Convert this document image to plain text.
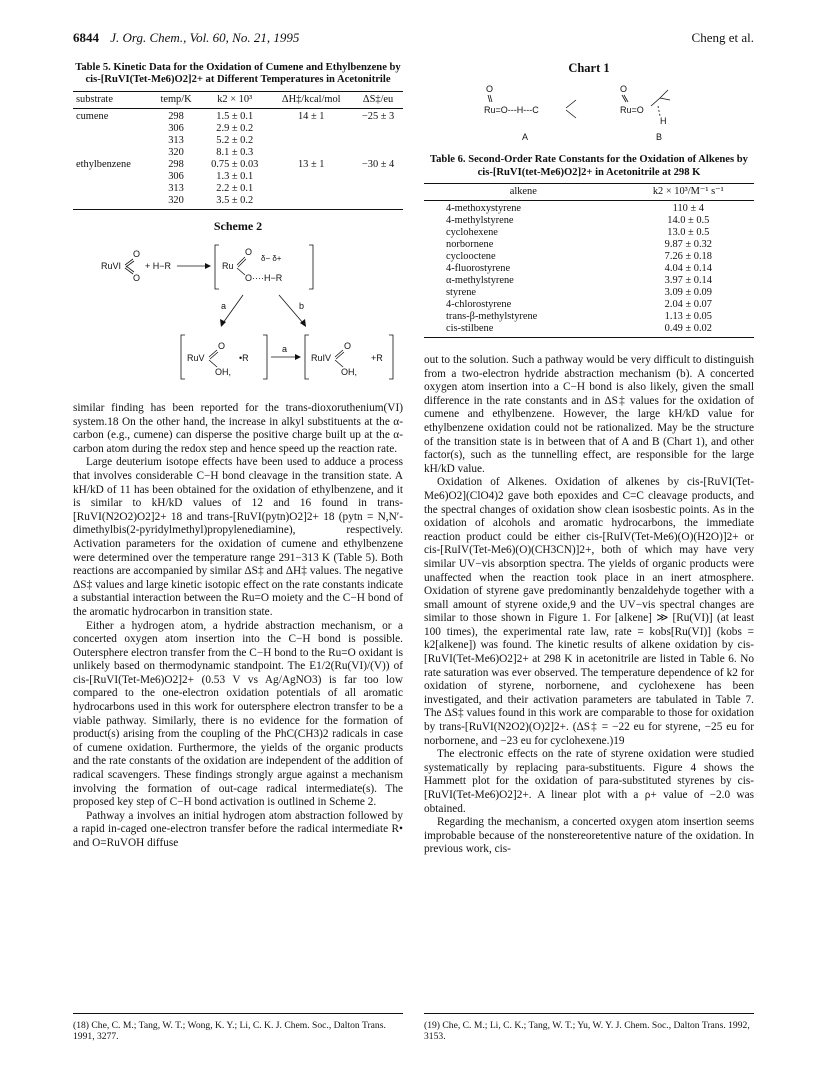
6844 J. Org. Chem., Vol. 60, No. 21, 1995	Cheng et al.
Table 5. Kinetic Data for the Oxidation of Cumene and Ethylbenzene by cis-[RuVI(Tet-Me6)O2]2+ at Different Temperatures in Acetonitrile
substrate	temp/K	k2 × 10³	ΔH‡/kcal/mol	ΔS‡/eu
cumene	298	1.5 ± 0.1	14 ± 1	−25 ± 3
	306	2.9 ± 0.2		
	313	5.2 ± 0.2		
	320	8.1 ± 0.3		
ethylbenzene	298	0.75 ± 0.03	13 ± 1	−30 ± 4
	306	1.3 ± 0.1		
	313	2.2 ± 0.1		
	320	3.5 ± 0.2		
Scheme 2
RuVI
O
O
+ H−R	Ru
O
δ− δ+
O····H−R
a	b
RuV
O
OH,
•R
a
RuIV
O
OH,
+R

similar finding has been reported for the trans-dioxoruthenium(VI) system.18 On the other hand, the increase in alkyl substituents at the α-carbon (e.g., cumene) can disperse the positive charge built up at the α-carbon atom during the redox step and hence speed up the reaction rate.

Large deuterium isotope effects have been used to adduce a process that involves considerable C−H bond cleavage in the transition state. A kH/kD of 11 has been obtained for the oxidation of ethylbenzene, and it is similar to kH/kD values of 12 and 16 found in trans-[RuVI(N2O2)O2]2+ 18 and trans-[RuVI(pytn)O2]2+ 18 (pytn = N,N′-dimethylbis(2-pyridylmethyl)propylenediamine), respectively. Activation parameters for the oxidation of cumene and ethylbenzene were determined over the temperature range 291−313 K (Table 5). Both reactions are accompanied by similar ΔS‡ and ΔH‡ values. The negative ΔS‡ values and large kinetic isotopic effect on the rate constants indicate a substantial interaction between the Ru=O moiety and the C−H bond of the aromatic hydrocarbon in transition state.

Either a hydrogen atom, a hydride abstraction mechanism, or a concerted oxygen atom insertion into the C−H bond is possible. Outersphere electron transfer from the C−H bond to the Ru=O oxidant is unlikely based on thermodynamic standpoint. The E1/2(Ru(VI)/(V)) of cis-[RuVI(Tet-Me6)O2]2+ (0.53 V vs Ag/AgNO3) is far too low compared to the one-electron oxidation potentials of all aromatic hydrocarbons used in this work for outersphere electron transfer to be a viable pathway. Similarly, there is no evidence for the formation of product(s) arising from the coupling of the PhC(CH3)2 radicals in case of cumene oxidation. Furthermore, the yields of the organic products and the rate constants of the oxidation are independent of the addition of radical scavengers. These findings strongly argue against a mechanism involving the formation of out-cage radical intermediate(s). The proposed key step of C−H bond activation is outlined in Scheme 2.

Pathway a involves an initial hydrogen atom abstraction followed by a rapid in-caged one-electron transfer before the radical intermediate R• and O=RuVOH diffuse

Chart 1
O
Ru=O---H---C
A
O
Ru=O
H
B
Table 6. Second-Order Rate Constants for the Oxidation of Alkenes by cis-[RuVI(tet-Me6)O2]2+ in Acetonitrile at 298 K
alkene	k2 × 10³/M⁻¹ s⁻¹
4-methoxystyrene	110 ± 4
4-methylstyrene	14.0 ± 0.5
cyclohexene	13.0 ± 0.5
norbornene	9.87 ± 0.32
cyclooctene	7.26 ± 0.18
4-fluorostyrene	4.04 ± 0.14
α-methylstyrene	3.97 ± 0.14
styrene	3.09 ± 0.09
4-chlorostyrene	2.04 ± 0.07
trans-β-methylstyrene	1.13 ± 0.05
cis-stilbene	0.49 ± 0.02

out to the solution. Such a pathway would be very difficult to distinguish from a two-electron hydride abstraction mechanism (b). A concerted oxygen atom insertion into a C−H bond is also likely, given the small difference in the rate constants and in ΔS‡ values for the oxidation of cumene and ethylbenzene. However, the large kH/kD value for ethylbenzene oxidation could not be rationalized. May be the structure of the transition state is in between that of A and B (Chart 1), and other factor(s), such as the tunnelling effect, are responsible for the large kH/kD value.

Oxidation of Alkenes. Oxidation of alkenes by cis-[RuVI(Tet-Me6)O2](ClO4)2 gave both epoxides and C=C cleavage products, and the spectral changes of oxidation show clean isosbestic points. As in the oxidation of alcohols and aromatic hydrocarbons, the immediate reaction product could be either cis-[RuIV(Tet-Me6)(O)(H2O)]2+ or cis-[RuIV(Tet-Me6)(O)(CH3CN)]2+, both of which may have very similar UV−vis absorption spectra. The yields of organic products were unaffected when the reaction took place in an inert atmosphere. Oxidation of styrene gave predominantly benzaldehyde together with a small amount of styrene oxide,9 and the UV−vis spectral changes are similar to those shown in Figure 1. For [alkene] ≫ [Ru(VI)] (at least 100 times), the experimental rate law, rate = kobs[Ru(VI)] (kobs = k2[alkene]) was found. The kinetic results of alkene oxidation by cis-[RuVI(Tet-Me6)O2]2+ at 298 K in acetonitrile are listed in Table 6. No rate saturation was ever observed. The temperature dependence of k2 for oxidation of styrene, norbornene, and cyclohexene has been investigated, and their activation parameters are tabulated in Table 7. The ΔS‡ values found in this work are comparable to those for oxidation by trans-[RuVI(N2O2)(O)2]2+. (ΔS‡ = −22 eu for styrene, −25 eu for norbornene, and −23 eu for cyclohexene.)19

The electronic effects on the rate of styrene oxidation were studied systematically by replacing para-substituents. Figure 4 shows the Hammett plot for the oxidation of para-substituted styrenes by cis-[RuVI(Tet-Me6)O2]2+. A linear plot with a ρ+ value of −2.0 was obtained.

Regarding the mechanism, a concerted oxygen atom insertion seems improbable because of the nonstereoretentive nature of the oxidation. In previous work, cis-

(18) Che, C. M.; Tang, W. T.; Wong, K. Y.; Li, C. K. J. Chem. Soc., Dalton Trans. 1991, 3277.
(19) Che, C. M.; Li, C. K.; Tang, W. T.; Yu, W. Y. J. Chem. Soc., Dalton Trans. 1992, 3153.
